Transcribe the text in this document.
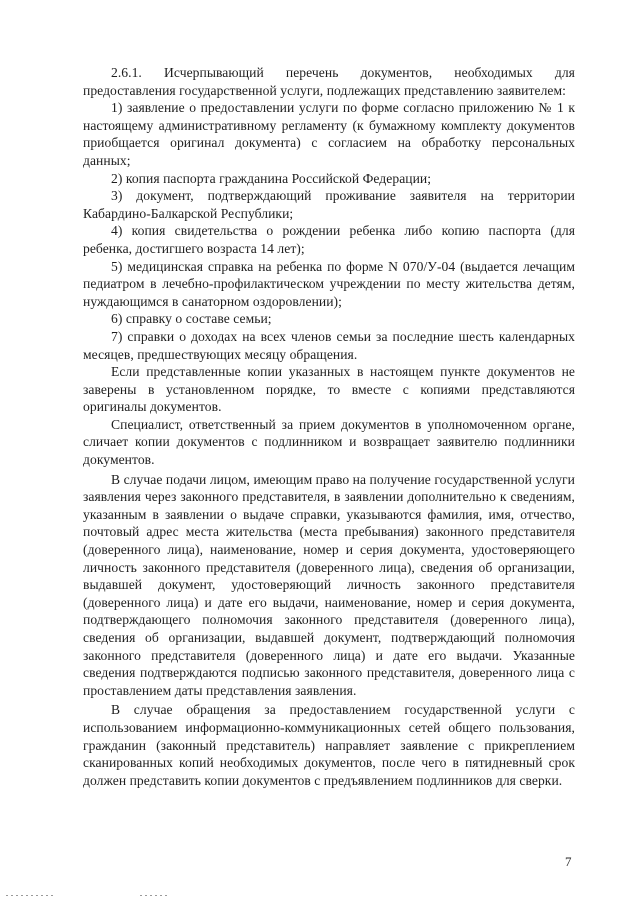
2.6.1. Исчерпывающий перечень документов, необходимых для предоставления государственной услуги, подлежащих представлению заявителем:

1) заявление о предоставлении услуги по форме согласно приложению № 1 к настоящему административному регламенту (к бумажному комплекту документов приобщается оригинал документа) с согласием на обработку персональных данных;

2) копия паспорта гражданина Российской Федерации;

3) документ, подтверждающий проживание заявителя на территории Кабардино-Балкарской Республики;

4) копия свидетельства о рождении ребенка либо копию паспорта (для ребенка, достигшего возраста 14 лет);

5) медицинская справка на ребенка по форме N 070/У-04 (выдается лечащим педиатром в лечебно-профилактическом учреждении по месту жительства детям, нуждающимся в санаторном оздоровлении);

6) справку о составе семьи;

7) справки о доходах на всех членов семьи за последние шесть календарных месяцев, предшествующих месяцу обращения.

Если представленные копии указанных в настоящем пункте документов не заверены в установленном порядке, то вместе с копиями представляются оригиналы документов.

Специалист, ответственный за прием документов в уполномоченном органе, сличает копии документов с подлинником и возвращает заявителю подлинники документов.

В случае подачи лицом, имеющим право на получение государственной услуги заявления через законного представителя, в заявлении дополнительно к сведениям, указанным в заявлении о выдаче справки, указываются фамилия, имя, отчество, почтовый адрес места жительства (места пребывания) законного представителя (доверенного лица), наименование, номер и серия документа, удостоверяющего личность законного представителя (доверенного лица), сведения об организации, выдавшей документ, удостоверяющий личность законного представителя (доверенного лица) и дате его выдачи, наименование, номер и серия документа, подтверждающего полномочия законного представителя (доверенного лица), сведения об организации, выдавшей документ, подтверждающий полномочия законного представителя (доверенного лица) и дате его выдачи. Указанные сведения подтверждаются подписью законного представителя, доверенного лица с проставлением даты представления заявления.

В случае обращения за предоставлением государственной услуги с использованием информационно-коммуникационных сетей общего пользования, гражданин (законный представитель) направляет заявление с прикреплением сканированных копий необходимых документов, после чего в пятидневный срок должен представить копии документов с предъявлением подлинников для сверки.

7
